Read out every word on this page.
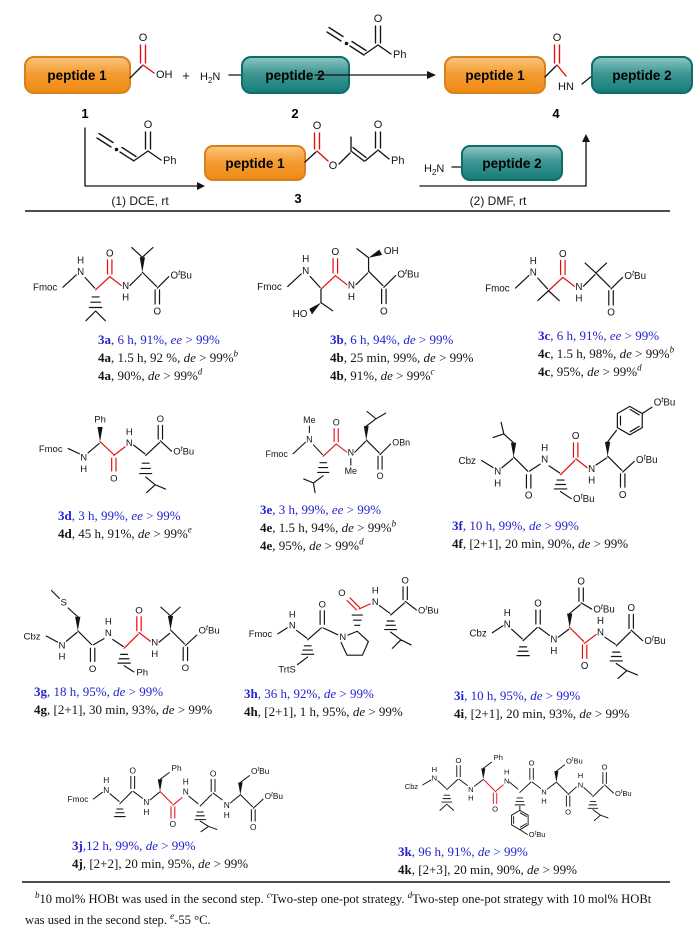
O
Ph
peptide 1
O
OH + $H_2N$	peptide 2
1	2
peptide 1
O
HN
peptide 2
4
(1) DCE, rt
peptide 1
O
O
O
Ph
3	(2) DMF, rt
$H_2N$	peptide 2
Fmoc
N
H
O
N
H
O
$O^tBu$
3a, 6 h, 91%, ee > 99%
4a, 1.5 h, 92 %, de > 99%$^b$
4a, 90%, de > 99%$^d$
Fmoc
N
H
O
N
H
HO
OH
O
$O^tBu$
3b, 6 h, 94%, de > 99%
4b, 25 min, 99%, de > 99%
4b, 91%, de > 99%$^c$
Fmoc
N
H
O
N
H
O
$O^tBu$
3c, 6 h, 91%, ee > 99%
4c, 1.5 h, 98%, de > 99%$^b$
4c, 95%, de > 99%$^d$
Fmoc
N
H
Ph
O
N
H
O
$O^tBu$
3d, 3 h, 99%, ee > 99%
4d, 45 h, 91%, de > 99%$^e$
Fmoc
N
Me O
N
Me O
OBn
3e, 3 h, 99%, ee > 99%
4e, 1.5 h, 94%, de > 99%$^b$
4e, 95%, de > 99%$^d$
Cbz
N
H
O
N
H
$O^tBu$
O
N
H
$O^tBu$
O
$O^tBu$
3f, 10 h, 99%, de > 99%
4f, [2+1], 20 min, 90%, de > 99%
Cbz
N
H
S
O
N
H
Ph
O
N
H
O
$O^tBu$
3g, 18 h, 95%, de > 99%
4g, [2+1], 30 min, 93%, de > 99%
Fmoc
N
H
TrtS
O
N
O
N
H
O
$O^tBu$
3h, 36 h, 92%, de > 99%
4h, [2+1], 1 h, 95%, de > 99%
Cbz
N
H
O
N
H
O
$O^tBu$
O
N
H
O
$O^tBu$
3i, 10 h, 95%, de > 99%
4i, [2+1], 20 min, 93%, de > 99%
Fmoc
N
H
O
N
H
Ph
O
N
H
O
N
H
$O^tBu$
O
$O^tBu$
3j,12 h, 99%, de > 99%
4j, [2+2], 20 min, 95%, de > 99%
Cbz
N
H
O
N
H
Ph
O
N
H
$O^tBu$
O
N
H
$O^tBu$
O
N
H
O
$O^tBu$
3k, 96 h, 91%, de > 99%
4k, [2+3], 20 min, 90%, de > 99%
$^b$10 mol% HOBt was used in the second step. $^c$Two-step one-pot strategy. $^d$Two-step one-pot strategy with 10 mol% HOBt was used in the second step. $^e$-55 °C.
